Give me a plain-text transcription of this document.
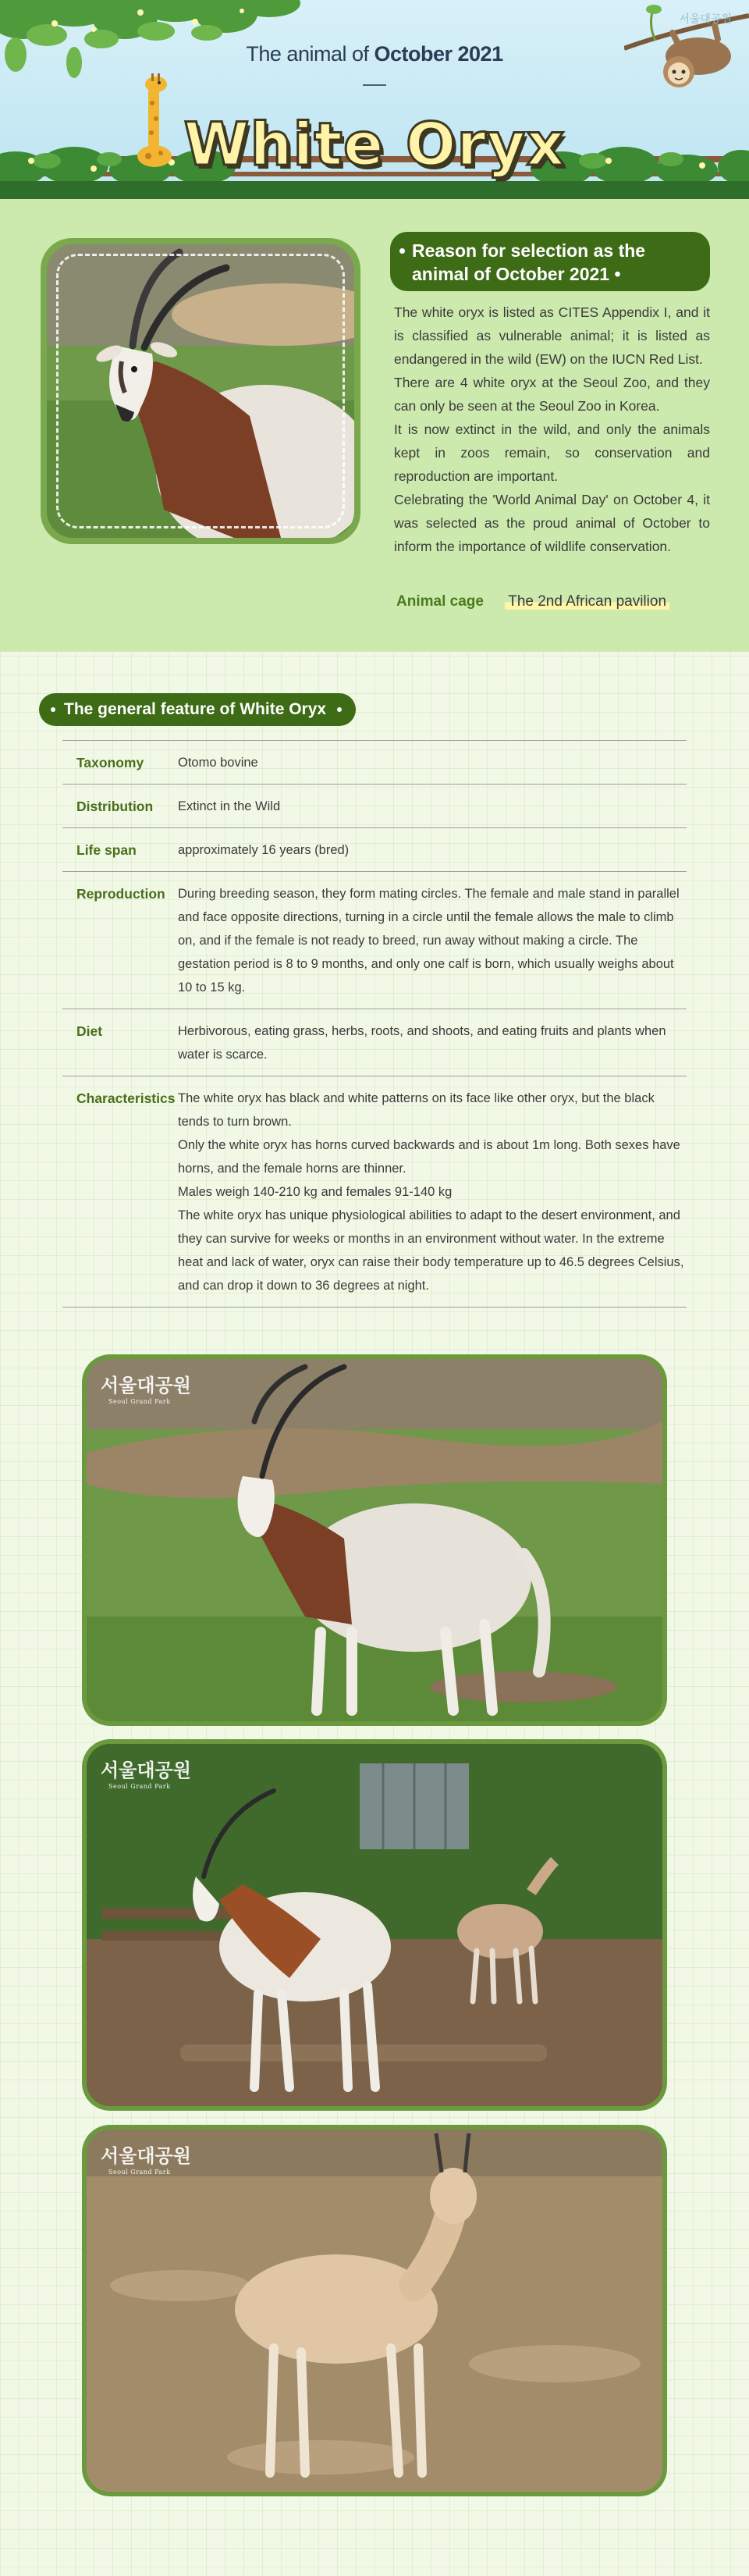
서울대공원
The animal of October 2021
White Oryx
Reason for selection as the animal of October 2021 •

The white oryx is listed as CITES Appendix I, and it is classified as vulnerable animal; it is listed as endangered in the wild (EW) on the IUCN Red List.

There are 4 white oryx at the Seoul Zoo, and they can only be seen at the Seoul Zoo in Korea.

It is now extinct in the wild, and only the animals kept in zoos remain, so conservation and reproduction are important.

Celebrating the 'World Animal Day' on October 4, it was selected as the proud animal of October to inform the importance of wildlife conservation.

Animal cage The 2nd African pavilion
The general feature of White Oryx
Taxonomy	Otomo bovine

Distribution	Extinct in the Wild

Life span	approximately 16 years (bred)

Reproduction During breeding season, they form mating circles. The female and male stand in parallel and face opposite directions, turning in a circle until the female allows the male to climb on, and if the female is not ready to breed, run away without making a circle. The gestation period is 8 to 9 months, and only one calf is born, which usually weighs about 10 to 15 kg.

Diet	Herbivorous, eating grass, herbs, roots, and shoots, and eating fruits and plants when water is scarce.

Characteristics The white oryx has black and white patterns on its face like other oryx, but the black tends to turn brown.

Only the white oryx has horns curved backwards and is about 1m long. Both sexes have horns, and the female horns are thinner.

Males weigh 140-210 kg and females 91-140 kg

The white oryx has unique physiological abilities to adapt to the desert environment, and they can survive for weeks or months in an environment without water. In the extreme heat and lack of water, oryx can raise their body temperature up to 46.5 degrees Celsius, and can drop it down to 36 degrees at night.

서울대공원
Seoul Grand Park
서울대공원
Seoul Grand Park
서울대공원
Seoul Grand Park
